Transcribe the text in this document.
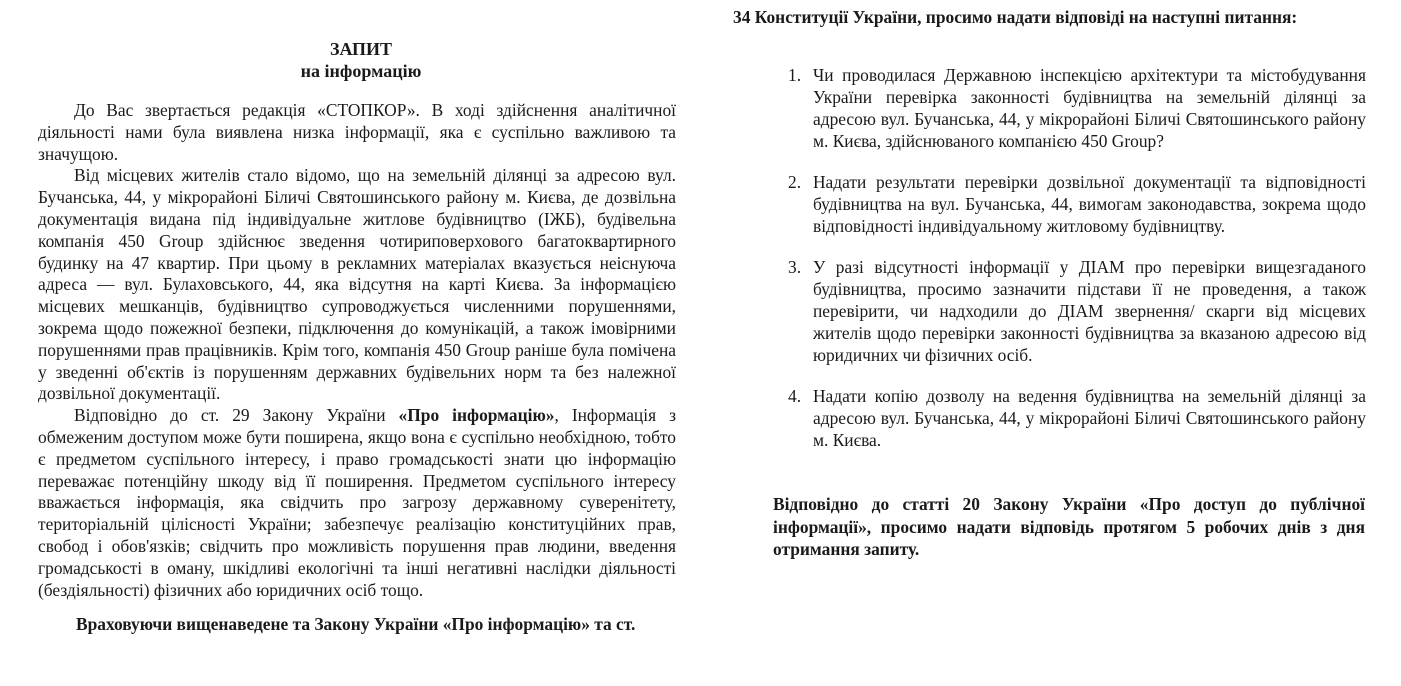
ЗАПИТ
на інформацію

До Вас звертається редакція «СТОПКОР». В ході здійснення аналітичної діяльності нами була виявлена низка інформації, яка є суспільно важливою та значущою.

Від місцевих жителів стало відомо, що на земельній ділянці за адресою вул. Бучанська, 44, у мікрорайоні Біличі Святошинського району м. Києва, де дозвільна документація видана під індивідуальне житлове будівництво (ІЖБ), будівельна компанія 450 Group здійснює зведення чотириповерхового багатоквартирного будинку на 47 квартир. При цьому в рекламних матеріалах вказується неіснуюча адреса — вул. Булаховського, 44, яка відсутня на карті Києва. За інформацією місцевих мешканців, будівництво супроводжується численними порушеннями, зокрема щодо пожежної безпеки, підключення до комунікацій, а також імовірними порушеннями прав працівників. Крім того, компанія 450 Group раніше була помічена у зведенні об'єктів із порушенням державних будівельних норм та без належної дозвільної документації.

Відповідно до ст. 29 Закону України «Про інформацію», Інформація з обмеженим доступом може бути поширена, якщо вона є суспільно необхідною, тобто є предметом суспільного інтересу, і право громадськості знати цю інформацію переважає потенційну шкоду від її поширення. Предметом суспільного інтересу вважається інформація, яка свідчить про загрозу державному суверенітету, територіальній цілісності України; забезпечує реалізацію конституційних прав, свобод і обов'язків; свідчить про можливість порушення прав людини, введення громадськості в оману, шкідливі екологічні та інші негативні наслідки діяльності (бездіяльності) фізичних або юридичних осіб тощо.

Враховуючи вищенаведене та Закону України «Про інформацію» та ст.

34 Конституції України, просимо надати відповіді на наступні питання:
1. Чи проводилася Державною інспекцією архітектури та містобудування України перевірка законності будівництва на земельній ділянці за адресою вул. Бучанська, 44, у мікрорайоні Біличі Святошинського району м. Києва, здійснюваного компанією 450 Group?
2. Надати результати перевірки дозвільної документації та відповідності будівництва на вул. Бучанська, 44, вимогам законодавства, зокрема щодо відповідності індивідуальному житловому будівництву.
3. У разі відсутності інформації у ДІАМ про перевірки вищезгаданого будівництва, просимо зазначити підстави її не проведення, а також перевірити, чи надходили до ДІАМ звернення/ скарги від місцевих жителів щодо перевірки законності будівництва за вказаною адресою від юридичних чи фізичних осіб.
4. Надати копію дозволу на ведення будівництва на земельній ділянці за адресою вул. Бучанська, 44, у мікрорайоні Біличі Святошинського району м. Києва.

Відповідно до статті 20 Закону України «Про доступ до публічної інформації», просимо надати відповідь протягом 5 робочих днів з дня отримання запиту.
